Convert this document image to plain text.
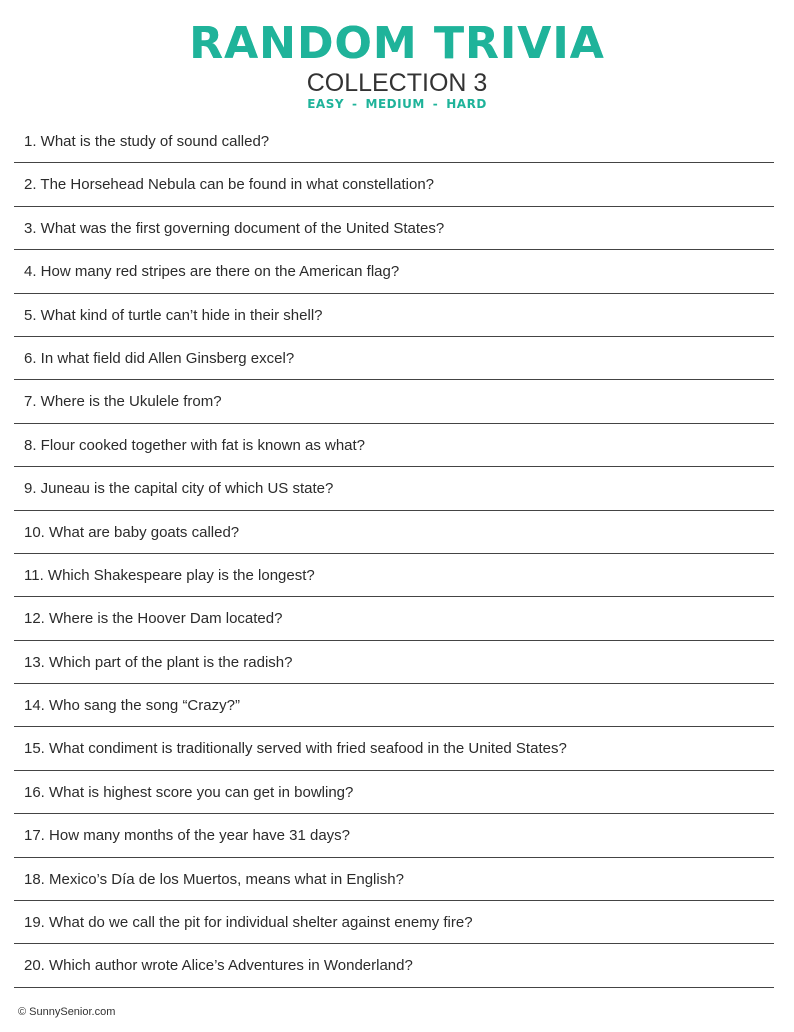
RANDOM TRIVIA
COLLECTION 3
EASY - MEDIUM - HARD
1. What is the study of sound called?
2. The Horsehead Nebula can be found in what constellation?
3. What was the first governing document of the United States?
4. How many red stripes are there on the American flag?
5. What kind of turtle can’t hide in their shell?
6. In what field did Allen Ginsberg excel?
7. Where is the Ukulele from?
8. Flour cooked together with fat is known as what?
9. Juneau is the capital city of which US state?
10. What are baby goats called?
11. Which Shakespeare play is the longest?
12. Where is the Hoover Dam located?
13. Which part of the plant is the radish?
14. Who sang the song “Crazy?”
15. What condiment is traditionally served with fried seafood in the United States?
16. What is highest score you can get in bowling?
17. How many months of the year have 31 days?
18. Mexico’s Día de los Muertos, means what in English?
19. What do we call the pit for individual shelter against enemy fire?
20. Which author wrote Alice’s Adventures in Wonderland?
© SunnySenior.com
